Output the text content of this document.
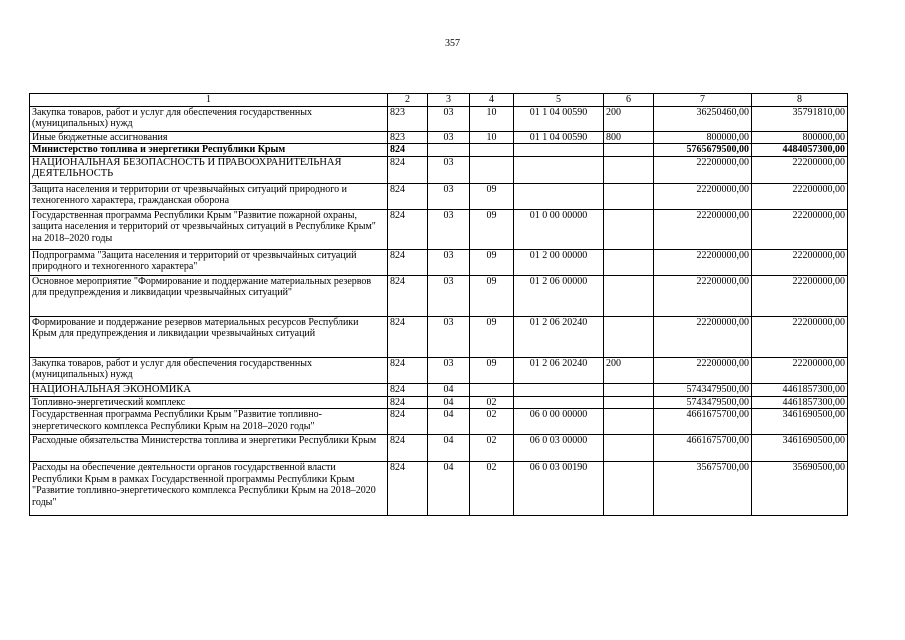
357
1	2	3	4	5	6	7	8
Закупка товаров, работ и услуг для обеспечения государственных (муниципальных) нужд	823	03	10	01 1 04 00590	200	36250460,00	35791810,00
Иные бюджетные ассигнования	823	03	10	01 1 04 00590	800	800000,00	800000,00
Министерство топлива и энергетики Республики Крым	824					5765679500,00	4484057300,00
НАЦИОНАЛЬНАЯ БЕЗОПАСНОСТЬ И ПРАВООХРАНИТЕЛЬНАЯ ДЕЯТЕЛЬНОСТЬ	824	03				22200000,00	22200000,00
Защита населения и территории от чрезвычайных ситуаций природного и техногенного характера, гражданская оборона	824	03	09			22200000,00	22200000,00
Государственная программа Республики Крым "Развитие пожарной охраны, защита населения и территорий от чрезвычайных ситуаций в Республике Крым" на 2018–2020 годы	824	03	09	01 0 00 00000		22200000,00	22200000,00
Подпрограмма "Защита населения и территорий от чрезвычайных ситуаций природного и техногенного характера"	824	03	09	01 2 00 00000		22200000,00	22200000,00
Основное мероприятие "Формирование и поддержание материальных резервов для предупреждения и ликвидации чрезвычайных ситуаций"	824	03	09	01 2 06 00000		22200000,00	22200000,00
Формирование и поддержание резервов материальных ресурсов Республики Крым для предупреждения и ликвидации чрезвычайных ситуаций	824	03	09	01 2 06 20240		22200000,00	22200000,00
Закупка товаров, работ и услуг для обеспечения государственных (муниципальных) нужд	824	03	09	01 2 06 20240	200	22200000,00	22200000,00
НАЦИОНАЛЬНАЯ ЭКОНОМИКА	824	04				5743479500,00	4461857300,00
Топливно-энергетический комплекс	824	04	02			5743479500,00	4461857300,00
Государственная программа Республики Крым "Развитие топливно-энергетического комплекса Республики Крым на 2018–2020 годы"	824	04	02	06 0 00 00000		4661675700,00	3461690500,00
Расходные обязательства Министерства топлива и энергетики Республики Крым	824	04	02	06 0 03 00000		4661675700,00	3461690500,00
Расходы на обеспечение деятельности органов государственной власти Республики Крым в рамках Государственной программы Республики Крым "Развитие топливно-энергетического комплекса Республики Крым на 2018–2020 годы"	824	04	02	06 0 03 00190		35675700,00	35690500,00
